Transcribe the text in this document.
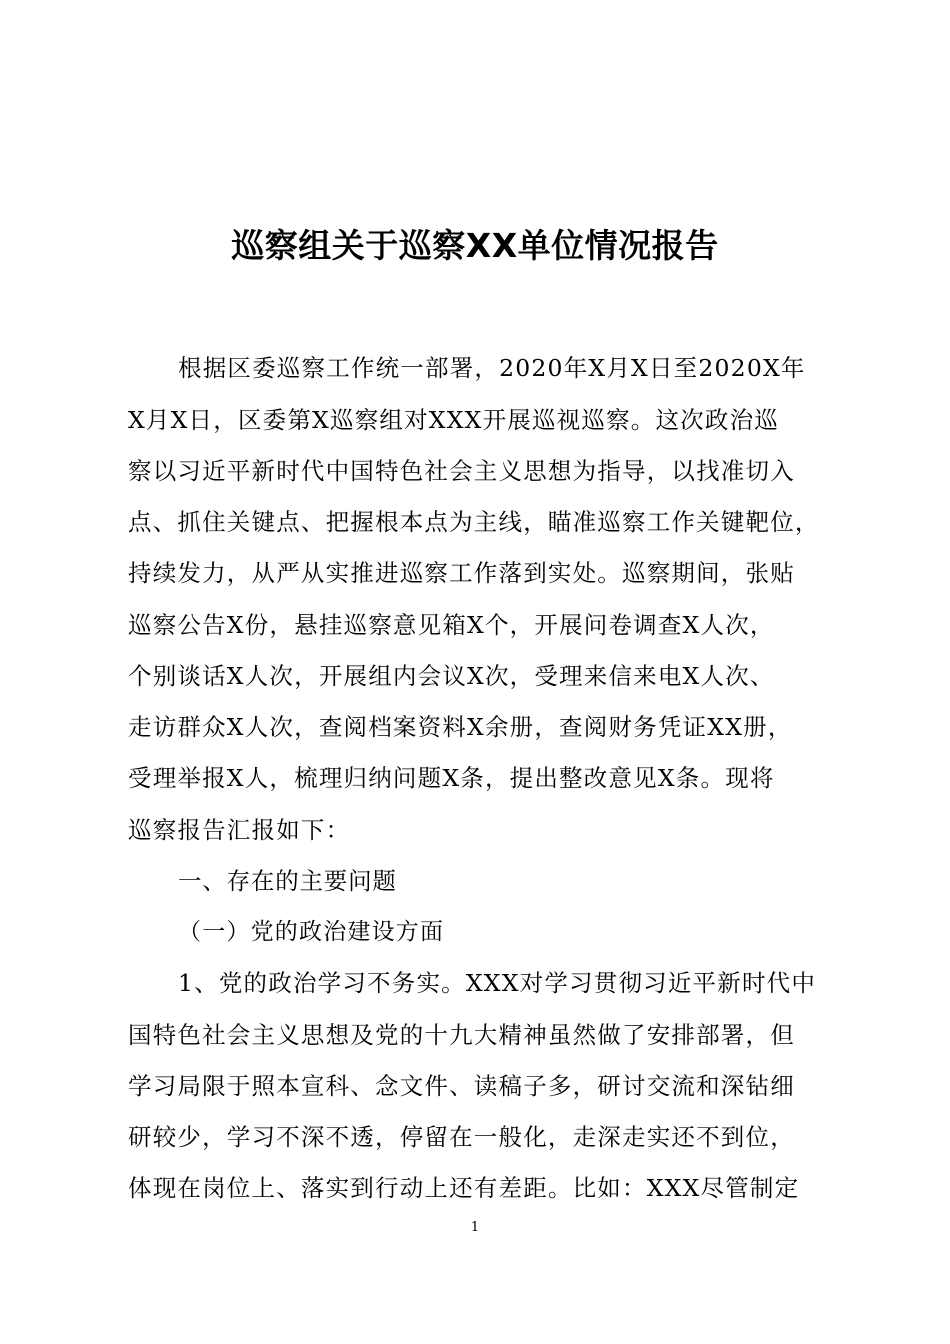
巡察组关于巡察XX单位情况报告
根据区委巡察工作统一部署，2020年X月X日至2020X年
X月X日，区委第X巡察组对XXX开展巡视巡察。这次政治巡
察以习近平新时代中国特色社会主义思想为指导，以找准切入
点、抓住关键点、把握根本点为主线，瞄准巡察工作关键靶位，
持续发力，从严从实推进巡察工作落到实处。巡察期间，张贴
巡察公告X份，悬挂巡察意见箱X个，开展问卷调查X人次，
个别谈话X人次，开展组内会议X次，受理来信来电X人次、
走访群众X人次，查阅档案资料X余册，查阅财务凭证XX册，
受理举报X人，梳理归纳问题X条，提出整改意见X条。现将
巡察报告汇报如下：
一、存在的主要问题
（一）党的政治建设方面
1、党的政治学习不务实。XXX对学习贯彻习近平新时代中
国特色社会主义思想及党的十九大精神虽然做了安排部署，但
学习局限于照本宣科、念文件、读稿子多，研讨交流和深钻细
研较少，学习不深不透，停留在一般化，走深走实还不到位，
体现在岗位上、落实到行动上还有差距。比如：XXX尽管制定
1
